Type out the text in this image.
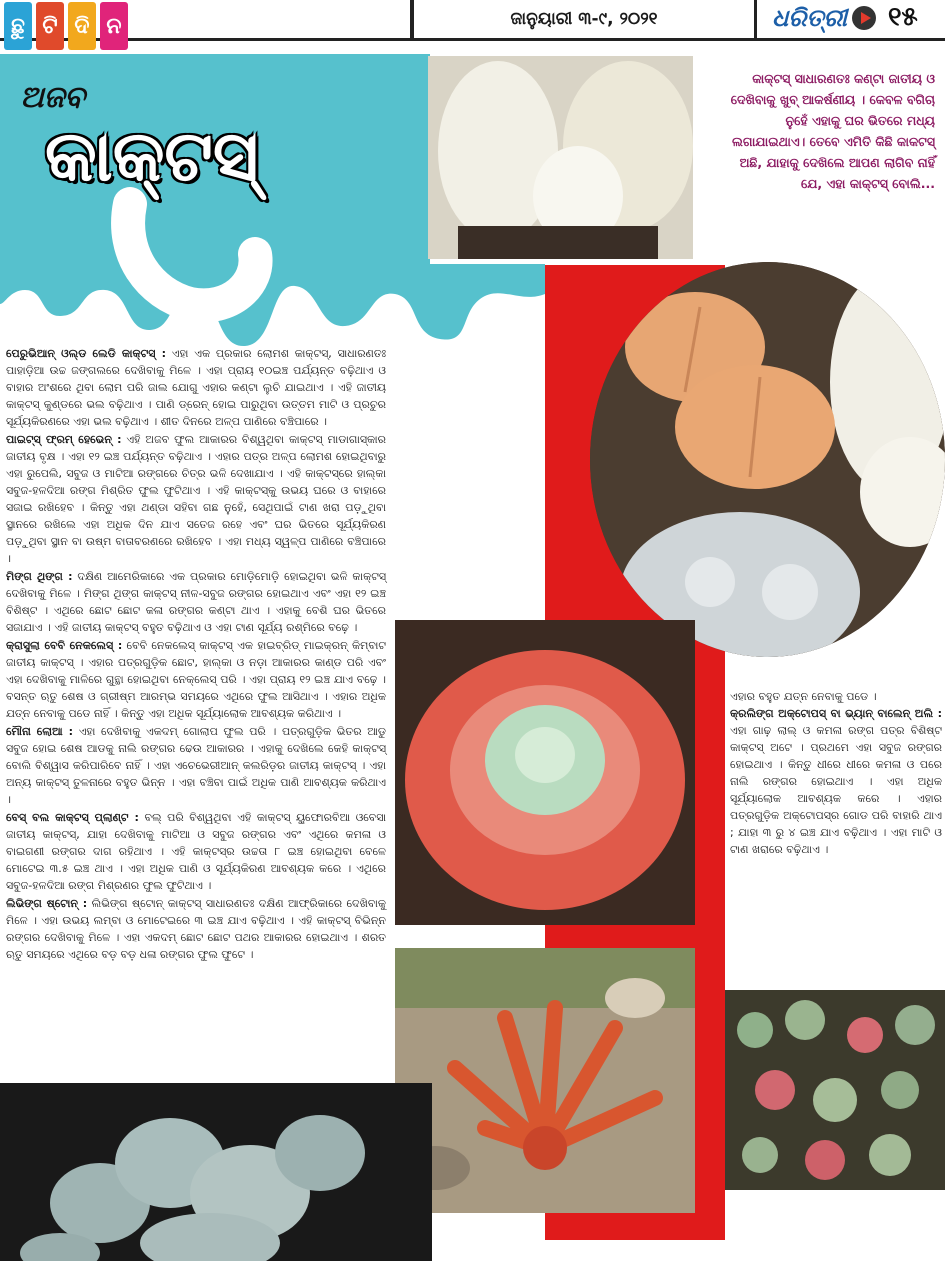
ଛୁ ଟି ଦି ନ	ଜାନୁୟାରୀ ୩-୯, ୨୦୨୧	ଧରିତ୍ରୀ ୧୫
ଅଜବ
କାକ୍ଟସ୍
କାକ୍ଟସ୍ ସାଧାରଣତଃ କଣ୍ଟା ଜାତୀୟ ଓ ଦେଖିବାକୁ ଖୁବ୍ ଆକର୍ଷଣୀୟ । କେବଳ ବଗିଚା ନୁହେଁ ଏହାକୁ ଘର ଭିତରେ ମଧ୍ୟ ଲଗାଯାଇଥାଏ। ତେବେ ଏମିତି କିଛି କାକଟସ୍ ଅଛି, ଯାହାକୁ ଦେଖିଲେ ଆପଣ ଲାଗିବ ନାହିଁ ଯେ, ଏହା କାକ୍ଟସ୍ ବୋଲି...

ପେରୁଭିଆନ୍ ଓଲ୍ଡ ଲେଡି କାକ୍ଟସ୍ : ଏହା ଏକ ପ୍ରକାର ଲୋମଶ କାକ୍ଟସ୍, ସାଧାରଣତଃ ପାହାଡ଼ିଆ ଉଚ୍ଚ ଜଙ୍ଗଲରେ ଦେଖିବାକୁ ମିଳେ । ଏହା ପ୍ରାୟ ୧୦ଇଞ୍ଚ ପର୍ଯ୍ୟନ୍ତ ବଢ଼ିଥାଏ ଓ ବାହାର ଅଂଶରେ ଥିବା ଲୋମ ପରି ଜାଲ ଯୋଗୁ ଏହାର କଣ୍ଟା ଲୁଚି ଯାଇଥାଏ । ଏହି ଜାତୀୟ କାକ୍ଟସ୍ କୁଣ୍ଡରେ ଭଲ ବଢ଼ିଥାଏ । ପାଣି ଡ୍ରେନ୍ ହୋଇ ପାରୁଥିବା ଉତ୍ତମ ମାଟି ଓ ପ୍ରଚୁର ସୂର୍ଯ୍ୟକିରଣରେ ଏହା ଭଲ ବଢ଼ିଥାଏ । ଶୀତ ଦିନରେ ଅଳ୍ପ ପାଣିରେ ବଞ୍ଚିପାରେ ।

ପାଇଟ୍ସ୍ ଫ୍ରମ୍ ହେଭେନ୍ : ଏହି ଅଜବ ଫୁଲ ଆକାରର ବିଶ୍ୱଥିବା କାକ୍ଟସ୍ ମାଡାଗାସ୍କାର ଜାତୀୟ ବୃକ୍ଷ । ଏହା ୧୨ ଇଞ୍ଚ ପର୍ଯ୍ୟନ୍ତ ବଢ଼ିଥାଏ । ଏହାର ପତ୍ର ଅଳ୍ପ ଲୋମଶ ହୋଇଥିବାରୁ ଏହା ରୁପେଲି, ସବୁଜ ଓ ମାଟିଆ ରଙ୍ଗରେ ଚିତ୍ର ଭଳି ଦେଖାଯାଏ । ଏହି କାକ୍ଟସ୍‌ରେ ହାଲ୍କା ସବୁଜ-ହଳଦିଆ ରଙ୍ଗ ମିଶ୍ରିତ ଫୁଲ ଫୁଟିଥାଏ । ଏହି କାକ୍ଟସ୍‌କୁ ଉଭୟ ଘରେ ଓ ବାହାରେ ସଜାଇ ରଖିହେବ । କିନ୍ତୁ ଏହା ଥଣ୍ଡା ସହିବା ଗଛ ନୁହେଁ, ସେଥିପାଇଁ ଟାଣ ଖରା ପଡ଼ୁଥିବା ସ୍ଥାନରେ ରଖିଲେ ଏହା ଅଧିକ ଦିନ ଯାଏ ସତେଜ ରହେ ଏବଂ ଘର ଭିତରେ ସୂର୍ଯ୍ୟକିରଣ ପଡ଼ୁଥିବା ସ୍ଥାନ ବା ଉଷ୍ମ ବାତାବରଣରେ ରଖିହେବ । ଏହା ମଧ୍ୟ ସ୍ୱଳ୍ପ ପାଣିରେ ବଞ୍ଚିପାରେ ।

ମିଙ୍ଗ ଥିଙ୍ଗ : ଦକ୍ଷିଣ ଆମେରିକାରେ ଏକ ପ୍ରକାର ମୋଡ଼ିମୋଡ଼ି ହୋଇଥିବା ଭଳି କାକ୍ଟସ୍ ଦେଖିବାକୁ ମିଳେ । ମିଙ୍ଗ ଥିଙ୍ଗ କାକ୍ଟସ୍ ନୀଳ-ସବୁଜ ରଙ୍ଗର ହୋଇଥାଏ ଏବଂ ଏହା ୧୨ ଇଞ୍ଚ ବିଶିଷ୍ଟ । ଏଥିରେ ଛୋଟ ଛୋଟ କଳା ରଙ୍ଗର କଣ୍ଟା ଥାଏ । ଏହାକୁ ବେଶି ଘର ଭିତରେ ସଜାଯାଏ । ଏହି ଜାତୀୟ କାକ୍ଟସ୍ ବହୁତ ବଢ଼ିଥାଏ ଓ ଏହା ଟାଣ ସୂର୍ଯ୍ୟ ରଶ୍ମିରେ ବଢ଼େ ।

କ୍ରାସୁଲା ବେବି ନେକଲେସ୍ : ବେବି ନେକଲେସ୍ କାକ୍ଟସ୍ ଏକ ହାଇବ୍ରିଡ୍ ମାଇକ୍ରନ୍ କିମ୍ବାଟ ଜାତୀୟ କାକ୍ଟସ୍ । ଏହାର ପତ୍ରଗୁଡ଼ିକ ଛୋଟ, ହାଲ୍କା ଓ ନଡ଼ା ଆକାରର କାଣ୍ଡ ପରି ଏବଂ ଏହା ଦେଖିବାକୁ ମାଳିରେ ଗୁନ୍ଥା ହୋଇଥିବା ନେକ୍‌ଲେସ୍ ପରି । ଏହା ପ୍ରାୟ ୧୨ ଇଞ୍ଚ ଯାଏ ବଢ଼େ । ବସନ୍ତ ଋତୁ ଶେଷ ଓ ଗ୍ରୀଷ୍ମ ଆରମ୍ଭ ସମୟରେ ଏଥିରେ ଫୁଲ ଆସିଥାଏ । ଏହାର ଅଧିକ ଯତ୍ନ ନେବାକୁ ପଡେ ନାହିଁ । କିନ୍ତୁ ଏହା ଅଧିକ ସୂର୍ଯ୍ୟାଲୋକ ଆବଶ୍ୟକ କରିଥାଏ ।

ମୌନା ଲୋଆ : ଏହା ଦେଖିବାକୁ ଏକଦମ୍ ଗୋଲାପ ଫୁଲ ପରି । ପତ୍ରଗୁଡ଼ିକ ଭିତର ଆଡୁ ସବୁଜ ହୋଇ ଶେଷ ଆଡକୁ ନାଲି ରଙ୍ଗର ଢେଉ ଆକାରର । ଏହାକୁ ଦେଖିଲେ କେହି କାକ୍ଟସ୍ ବୋଲି ବିଶ୍ୱାସ କରିପାରିବେ ନାହିଁ । ଏହା ଏଚେଭେରୀଆନ୍ କଲରିଡ଼ର ଜାତୀୟ କାକ୍ଟସ୍ । ଏହା ଅନ୍ୟ କାକ୍ଟସ୍ ତୁଳନାରେ ବହୁତ ଭିନ୍ନ । ଏହା ବଞ୍ଚିବା ପାଇଁ ଅଧିକ ପାଣି ଆବଶ୍ୟକ କରିଥାଏ ।

ବେସ୍ ବଲ କାକ୍ଟସ୍ ପ୍ଲାଣ୍ଟ : ବଲ୍ ପରି ବିଶ୍ୱଥିବା ଏହି କାକ୍ଟସ୍ ୟୁଫୋରବିଆ ଓବେସା ଜାତୀୟ କାକ୍ଟସ୍, ଯାହା ଦେଖିବାକୁ ମାଟିଆ ଓ ସବୁଜ ରଙ୍ଗର ଏବଂ ଏଥିରେ କମଳା ଓ ବାଇଗଣୀ ରଙ୍ଗର ଦାଗ ରହିଥାଏ । ଏହି କାକ୍ଟସ୍‌ର ଉଚ୍ଚତା ୮ ଇଞ୍ଚ ହୋଇଥିବା ବେଳେ ମୋଟେଇ ୩.୫ ଇଞ୍ଚ ଥାଏ । ଏହା ଅଧିକ ପାଣି ଓ ସୂର୍ଯ୍ୟକିରଣ ଆବଶ୍ୟକ କରେ । ଏଥିରେ ସବୁଜ-ହଳଦିଆ ରଙ୍ଗ ମିଶ୍ରଣର ଫୁଲ ଫୁଟିଥାଏ ।

ଲିଭିଙ୍ଗ ଷ୍ଟୋନ୍ : ଲିଭିଙ୍ଗ ଷ୍ଟୋନ୍ କାକ୍ଟସ୍ ସାଧାରଣତଃ ଦକ୍ଷିଣ ଆଫ୍ରିକାରେ ଦେଖିବାକୁ ମିଳେ । ଏହା ଉଭୟ ଲମ୍ବା ଓ ମୋଟେଇରେ ୩ ଇଞ୍ଚ ଯାଏ ବଢ଼ିଥାଏ । ଏହି କାକ୍ଟସ୍ ବିଭିନ୍ନ ରଙ୍ଗର ଦେଖିବାକୁ ମିଳେ । ଏହା ଏକଦମ୍ ଛୋଟ ଛୋଟ ପଥର ଆକାରର ହୋଇଥାଏ । ଶରତ ଋତୁ ସମୟରେ ଏଥିରେ ବଡ଼ ବଡ଼ ଧଳା ରଙ୍ଗର ଫୁଲ ଫୁଟେ ।

ଏହାର ବହୁତ ଯତ୍ନ ନେବାକୁ ପଡେ ।

କ୍ରଲିଙ୍ଗ ଅକ୍ଟୋପସ୍ ବା ଭ୍ୟାନ୍ ବାଲେନ୍ ଅଲି : ଏହା ଗାଢ଼ ଲାଲ୍ ଓ କମଳା ରଙ୍ଗ ପତ୍ର ବିଶିଷ୍ଟ କାକ୍ଟସ୍ ଅଟେ । ପ୍ରଥମେ ଏହା ସବୁଜ ରଙ୍ଗର ହୋଇଥାଏ । କିନ୍ତୁ ଧୀରେ ଧୀରେ କମଳା ଓ ପରେ ନାଲି ରଙ୍ଗର ହୋଇଥାଏ । ଏହା ଅଧିକ ସୂର୍ଯ୍ୟାଲୋକ ଆବଶ୍ୟକ କରେ । ଏହାର ପତ୍ରଗୁଡ଼ିକ ଅକ୍ଟୋପସ୍‌ର ଗୋଡ ପରି ବାହାରି ଥାଏ ; ଯାହା ୩ ରୁ ୪ ଇଞ୍ଚ ଯାଏ ବଢ଼ିଥାଏ । ଏହା ମାଟି ଓ ଟାଣ ଖରାରେ ବଢ଼ିଥାଏ ।
